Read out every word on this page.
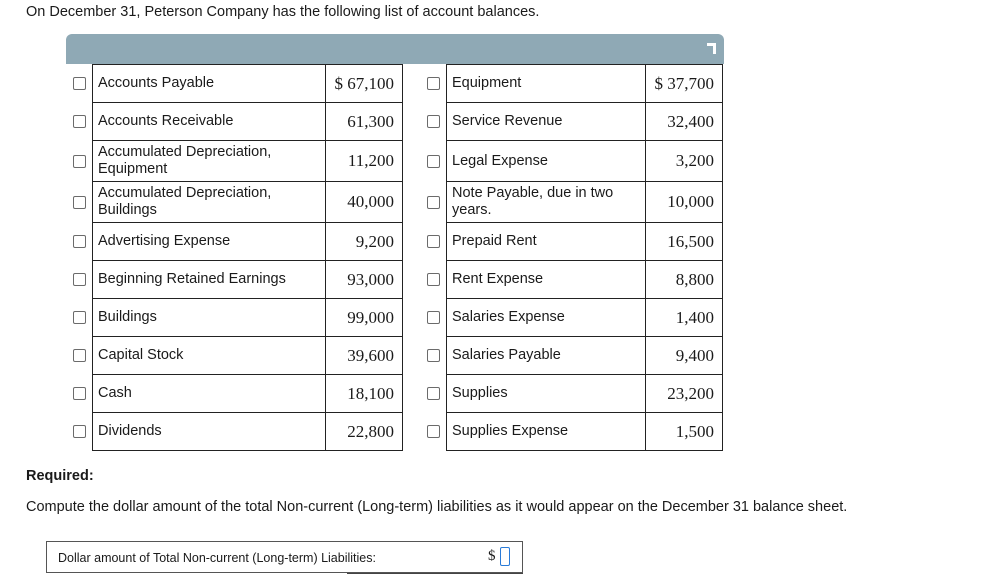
On December 31, Peterson Company has the following list of account balances.
	Accounts Payable	$ 67,100

	Accounts Receivable	61,300

	Accumulated Depreciation, Equipment	11,200

	Accumulated Depreciation, Buildings	40,000

	Advertising Expense	9,200

	Beginning Retained Earnings	93,000

	Buildings	99,000

	Capital Stock	39,600

	Cash	18,100

	Dividends	22,800
	Equipment	$ 37,700

	Service Revenue	32,400

	Legal Expense	3,200

	Note Payable, due in two years.	10,000

	Prepaid Rent	16,500

	Rent Expense	8,800

	Salaries Expense	1,400

	Salaries Payable	9,400

	Supplies	23,200

	Supplies Expense	1,500
Required:
Compute the dollar amount of the total Non-current (Long-term) liabilities as it would appear on the December 31 balance sheet.
Dollar amount of Total Non-current (Long-term) Liabilities:	$
